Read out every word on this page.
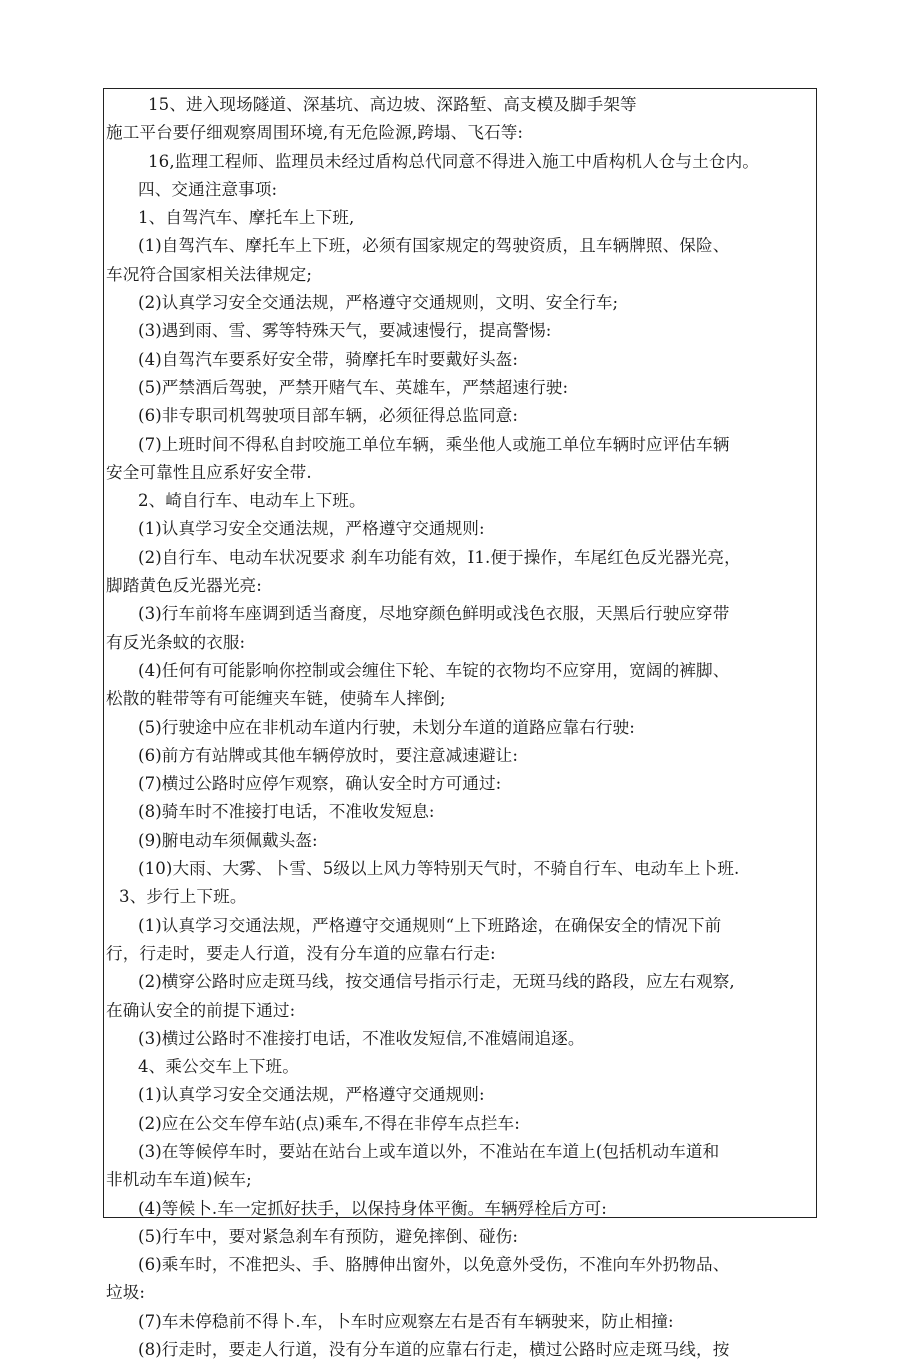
15、进入现场隧道、深基坑、高边坡、深路堑、高支模及脚手架等
施工平台要仔细观察周围环境,有无危险源,跨塌、飞石等:
16,监理工程师、监理员未经过盾构总代同意不得进入施工中盾构机人仓与土仓内。
四、交通注意事项:
1、自驾汽车、摩托车上下班,
(1)自驾汽车、摩托车上下班，必须有国家规定的驾驶资质，且车辆牌照、保险、
车况符合国家相关法律规定;
(2)认真学习安全交通法规，严格遵守交通规则，文明、安全行车;
(3)遇到雨、雪、雾等特殊天气，要减速慢行，提高警惕:
(4)自驾汽车要系好安全带，骑摩托车时要戴好头盔:
(5)严禁酒后驾驶，严禁开赌气车、英雄车，严禁超速行驶:
(6)非专职司机驾驶项目部车辆，必须征得总监同意:
(7)上班时间不得私自封咬施工单位车辆，乘坐他人或施工单位车辆时应评估车辆
安全可靠性且应系好安全带.
2、崎自行车、电动车上下班。
(1)认真学习安全交通法规，严格遵守交通规则:
(2)自行车、电动车状况要求 刹车功能有效，I1.便于操作，车尾红色反光器光亮，
脚踏黄色反光器光亮:
(3)行车前将车座调到适当裔度，尽地穿颜色鲜明或浅色衣服，天黑后行驶应穿带
有反光条蚊的衣服:
(4)任何有可能影响你控制或会缠住下轮、车锭的衣物均不应穿用，宽阔的裤脚、
松散的鞋带等有可能缠夹车链，使骑车人摔倒;
(5)行驶途中应在非机动车道内行驶，未划分车道的道路应靠右行驶:
(6)前方有站牌或其他车辆停放时，要注意减速避让:
(7)横过公路时应停乍观察，确认安全时方可通过:
(8)骑车时不准接打电话，不准收发短息:
(9)腑电动车须佩戴头盔:
(10)大雨、大雾、卜雪、5级以上风力等特别天气时，不骑自行车、电动车上卜班.
3、步行上下班。
(1)认真学习交通法规，严格遵守交通规则“上下班路途，在确保安全的情况下前
行，行走时，要走人行道，没有分车道的应靠右行走:
(2)横穿公路时应走斑马线，按交通信号指示行走，无斑马线的路段，应左右观察,
在确认安全的前提下通过:
(3)横过公路时不准接打电话，不准收发短信,不准嬉闹追逐。
4、乘公交车上下班。
(1)认真学习安全交通法规，严格遵守交通规则:
(2)应在公交车停车站(点)乘车,不得在非停车点拦车:
(3)在等候停车时，要站在站台上或车道以外，不准站在车道上(包括机动车道和
非机动车车道)候车;
(4)等候卜.车一定抓好扶手，以保持身体平衡。车辆殍栓后方可:
(5)行车中，要对紧急刹车有预防，避免摔倒、碰伤:
(6)乘车时，不准把头、手、胳膊伸出窗外，以免意外受伤，不准向车外扔物品、
垃圾:
(7)车未停稳前不得卜.车，卜车时应观察左右是否有车辆驶来，防止相撞:
(8)行走时，要走人行道，没有分车道的应靠右行走，横过公路时应走斑马线，按
